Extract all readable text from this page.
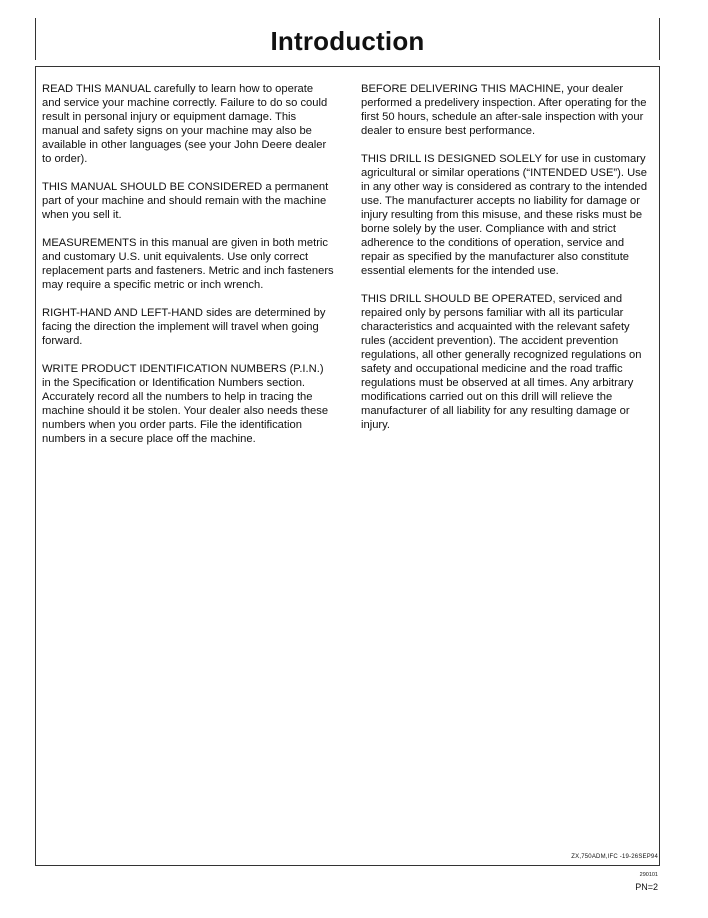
Introduction

READ THIS MANUAL carefully to learn how to operate and service your machine correctly. Failure to do so could result in personal injury or equipment damage. This manual and safety signs on your machine may also be available in other languages (see your John Deere dealer to order).

THIS MANUAL SHOULD BE CONSIDERED a permanent part of your machine and should remain with the machine when you sell it.

MEASUREMENTS in this manual are given in both metric and customary U.S. unit equivalents. Use only correct replacement parts and fasteners. Metric and inch fasteners may require a specific metric or inch wrench.

RIGHT-HAND AND LEFT-HAND sides are determined by facing the direction the implement will travel when going forward.

WRITE PRODUCT IDENTIFICATION NUMBERS (P.I.N.) in the Specification or Identification Numbers section. Accurately record all the numbers to help in tracing the machine should it be stolen. Your dealer also needs these numbers when you order parts. File the identification numbers in a secure place off the machine.

BEFORE DELIVERING THIS MACHINE, your dealer performed a predelivery inspection. After operating for the first 50 hours, schedule an after-sale inspection with your dealer to ensure best performance.

THIS DRILL IS DESIGNED SOLELY for use in customary agricultural or similar operations (“INTENDED USE”). Use in any other way is considered as contrary to the intended use. The manufacturer accepts no liability for damage or injury resulting from this misuse, and these risks must be borne solely by the user. Compliance with and strict adherence to the conditions of operation, service and repair as specified by the manufacturer also constitute essential elements for the intended use.

THIS DRILL SHOULD BE OPERATED, serviced and repaired only by persons familiar with all its particular characteristics and acquainted with the relevant safety rules (accident prevention). The accident prevention regulations, all other generally recognized regulations on safety and occupational medicine and the road traffic regulations must be observed at all times. Any arbitrary modifications carried out on this drill will relieve the manufacturer of all liability for any resulting damage or injury.

ZX,750ADM,IFC -19-26SEP94
290101
PN=2
